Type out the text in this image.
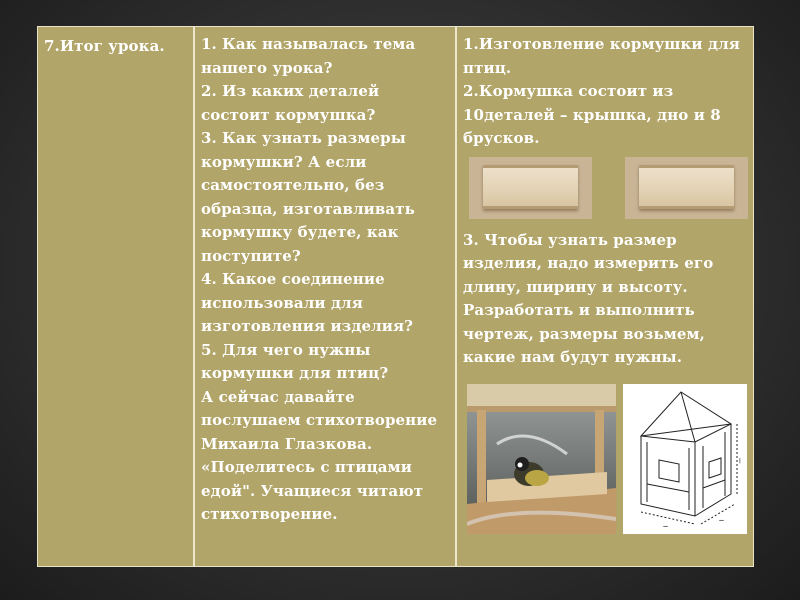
7.Итог урока.	1. Как называлась тема нашего урока?

2. Из каких деталей состоит кормушка?

3. Как узнать размеры кормушки? А если самостоятельно, без образца, изготавливать кормушку будете, как поступите?

4. Какое соединение использовали для изготовления изделия?

5. Для чего нужны кормушки для птиц?

А сейчас давайте послушаем стихотворение Михаила Глазкова. «Поделитесь с птицами едой". Учащиеся читают стихотворение.

1.Изготовление кормушки для птиц.

2.Кормушка состоит из 10деталей – крышка, дно и 8 брусков.

3. Чтобы узнать размер изделия, надо измерить его длину, ширину и высоту. Разработать и выполнить чертеж, размеры возьмем, какие нам будут нужны.

—
—
|
